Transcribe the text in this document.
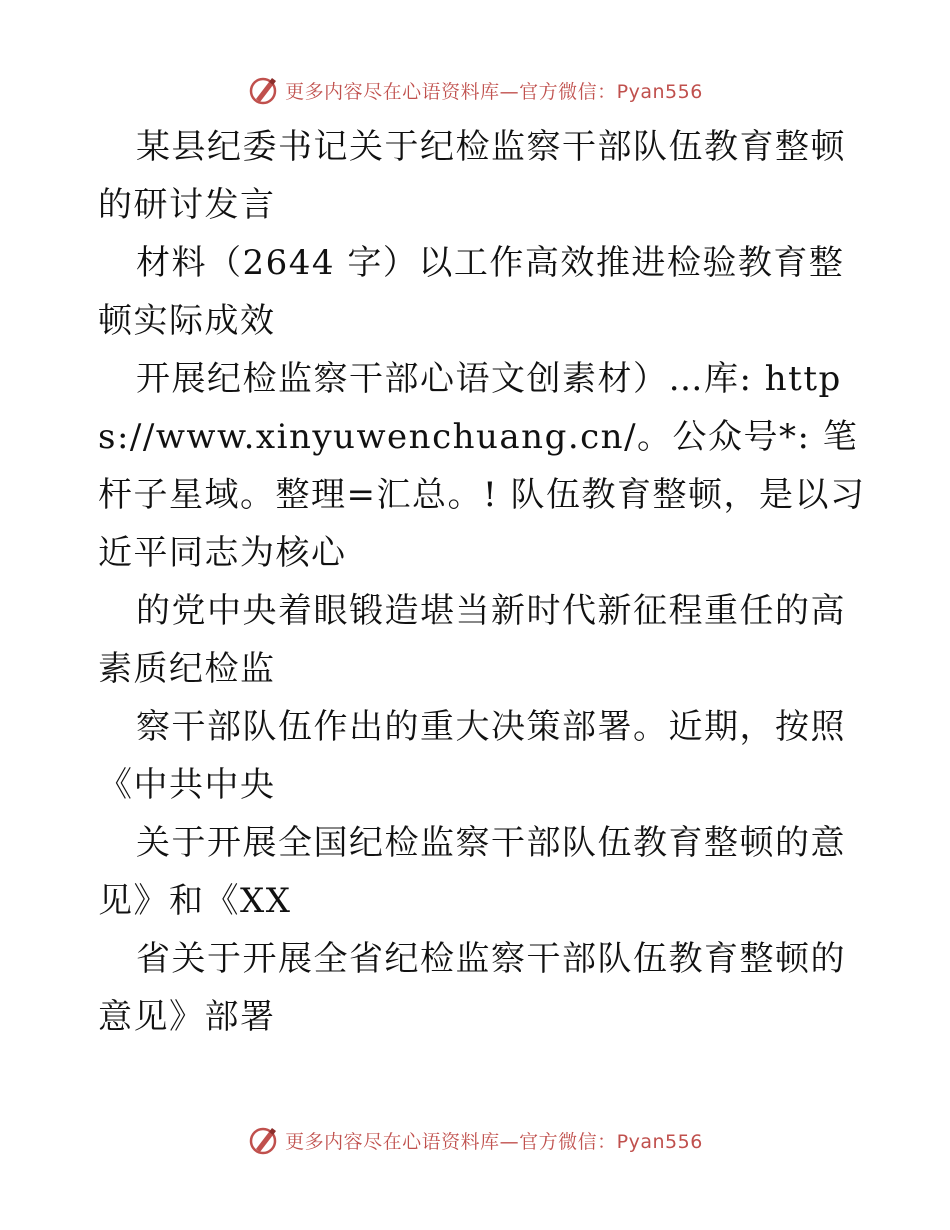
更多内容尽在心语资料库—官方微信：Pyan556

某县纪委书记关于纪检监察干部队伍教育整顿的研讨发言

材料（2644 字）以工作高效推进检验教育整顿实际成效

开展纪检监察干部心语文创素材）…库: https://www.xinyuwenchuang.cn/。公众号*: 笔杆子星域。整理=汇总。! 队伍教育整顿，是以习近平同志为核心

的党中央着眼锻造堪当新时代新征程重任的高素质纪检监

察干部队伍作出的重大决策部署。近期，按照《中共中央

关于开展全国纪检监察干部队伍教育整顿的意见》和《XX

省关于开展全省纪检监察干部队伍教育整顿的意见》部署

更多内容尽在心语资料库—官方微信：Pyan556
